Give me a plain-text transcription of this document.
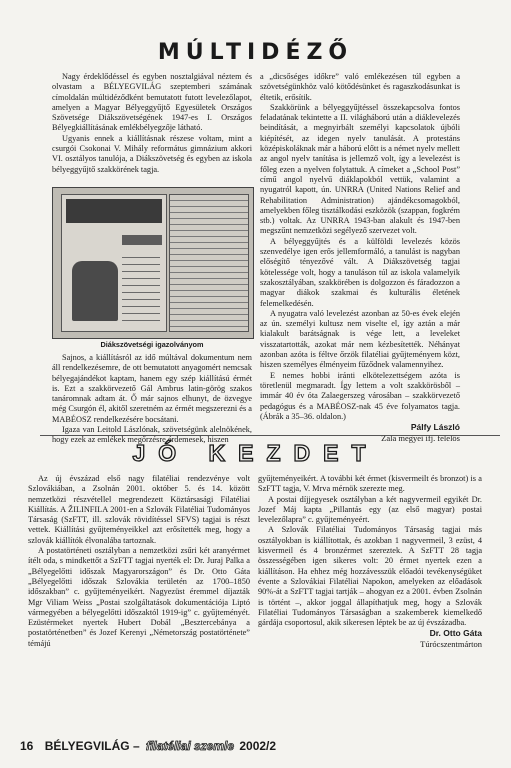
MÚLTIDÉZŐ

Nagy érdeklődéssel és egyben nosztalgiával néztem és olvastam a BÉLYEGVILÁG szeptemberi számának címoldalán múltidéződként bemutatott futott levelezőlapot, amelyen a Magyar Bélyeggyűjtő Egyesületek Országos Szövetsége Diákszövetségének 1947-es I. Országos Bélyegkiállításának emlékbélyegzője látható.

Ugyanis ennek a kiállításnak részese voltam, mint a csurgói Csokonai V. Mihály református gimnázium akkori VI. osztályos tanulója, a Diákszövetség és egyben az iskola bélyeggyűjtő szakkörének tagja.

Diákszövetségi igazolványom

Sajnos, a kiállításról az idő múltával dokumentum nem áll rendelkezésemre, de ott bemutatott anyagomért nemcsak bélyegajándékot kaptam, hanem egy szép kiállítású érmét is. Ezt a szakkörvezető Gál Ambrus latin-görög szakos tanáromnak adtam át. Ő már sajnos elhunyt, de özvegye még Csurgón él, akitől szeretném az érmét megszerezni és a MABÉOSZ rendelkezésére bocsátani.

Igaza van Leitold Lászlónak, szövetségünk alelnökének, hogy ezek az emlékek megőrzésre érdemesek, hiszen

a „dicsőséges időkre” való emlékezésen túl egyben a szövetségünkhöz való kötődésünket és ragaszkodásunkat is éltetik, erősítik.

Szakkörünk a bélyeggyűjtéssel összekapcsolva fontos feladatának tekintette a II. világháború után a diáklevelezés beindítását, a megnyirbált személyi kapcsolatok újbóli kiépítését, az idegen nyelv tanulását. A protestáns középiskoláknak már a háború előtt is a német nyelv mellett az angol nyelv tanítása is jellemző volt, így a levelezést is főleg ezen a nyelven folytattuk. A címeket a „School Post” című angol nyelvű diáklapokból vettük, valamint a nyugatról kapott, ún. UNRRA (United Nations Relief and Rehabilitation Administration) ajándékcsomagokból, amelyekben főleg tisztálkodási eszközök (szappan, fogkrém stb.) voltak. Az UNRRA 1943-ban alakult és 1947-ben megszűnt nemzetközi segélyező szervezet volt.

A bélyeggyűjtés és a külföldi levelezés közös szenvedélye igen erős jellemformáló, a tanulást is nagyban előségítő tényezővé vált. A Diákszövetség tagjai kötelessége volt, hogy a tanuláson túl az iskola valamelyik szakosztályában, szakkörében is dolgozzon és fáradozzon a magyar diákok szakmai és kulturális életének felemelkedésén.

A nyugatra való levelezést azonban az 50-es évek elején az ún. személyi kultusz nem viselte el, így aztán a már kialakult barátságnak is vége lett, a leveleket visszatartották, azokat már nem kézbesítették. Néhányat azonban azóta is féltve őrzök filatéliai gyűjteményem közt, hiszen személyes élményeim fűződnek valamennyihez.

E nemes hobbi iránti elkötelezettségem azóta is töretlenül megmaradt. Így lettem a volt szakkörösből – immár 40 év óta Zalaegerszeg városában – szakkörvezető pedagógus és a MABÉOSZ-nak 45 éve folyamatos tagja. (Ábrák a 35–36. oldalon.)

Pálfy László

Zala megyei ifj. felelős

JÓ KEZDET

Az új évszázad első nagy filatéliai rendezvénye volt Szlovákiában, a Zsolnán 2001. október 5. és 14. között nemzetközi részvétellel megrendezett Köztársasági Filatéliai Kiállítás. A ŽILINFILA 2001-en a Szlovák Filatéliai Tudományos Társaság (SzFTT, ill. szlovák rövidítéssel SFVS) tagjai is részt vettek. Kiállítási gyűjteményeikkel azt erősítették meg, hogy a szlovák kiállítók élvonalába tartoznak.

A postatörténeti osztályban a nemzetközi zsűri két aranyérmet ítélt oda, s mindkettőt a SzFTT tagjai nyerték el: Dr. Juraj Palka a „Bélyegelőtti időszak Magyarországon” és Dr. Otto Gáta „Bélyegelőtti időszak Szlovákia területén az 1700–1850 időszakban” c. gyűjteményeikért. Nagyezüst éremmel díjazták Mgr Viliam Weiss „Postai szolgáltatások dokumentációja Liptó vármegyében a bélyegelőtti időszaktól 1919-ig” c. gyűjteményét. Ezüstérmeket nyertek Hubert Dobál „Besztercebánya a postatörténetben” és Jozef Kerenyi „Németország postatörténete” témájú

gyűjteményeikért. A további két érmet (kisvermeilt és bronzot) is a SzFTT tagja, V. Mrva mérnök szerezte meg.

A postai díjjegyesek osztályban a két nagyvermeil egyikét Dr. Jozef Máj kapta „Pillantás egy (az első magyar) postai levelezőlapra” c. gyűjteményeért.

A Szlovák Filatéliai Tudományos Társaság tagjai más osztályokban is kiállítottak, és azokban 1 nagyvermeil, 3 ezüst, 4 kisvermeil és 4 bronzérmet szereztek. A SzFTT 28 tagja összességében igen sikeres volt: 20 érmet nyertek ezen a kiállításon. Ha ehhez még hozzávesszük előadói tevékenységüket évente a Szlovákiai Filatéliai Napokon, amelyeken az előadások 90%-át a SzFTT tagjai tartják – ahogyan ez a 2001. évben Zsolnán is történt –, akkor joggal állapíthatjuk meg, hogy a Szlovák Filatéliai Tudományos Társaságban a szakemberek kiemelkedő gárdája csoportosul, akik sikeresen léptek be az új évszázadba.

Dr. Otto Gáta

Túrócszentmárton

16 BÉLYEGVILÁG – filatéliai szemle 2002/2
